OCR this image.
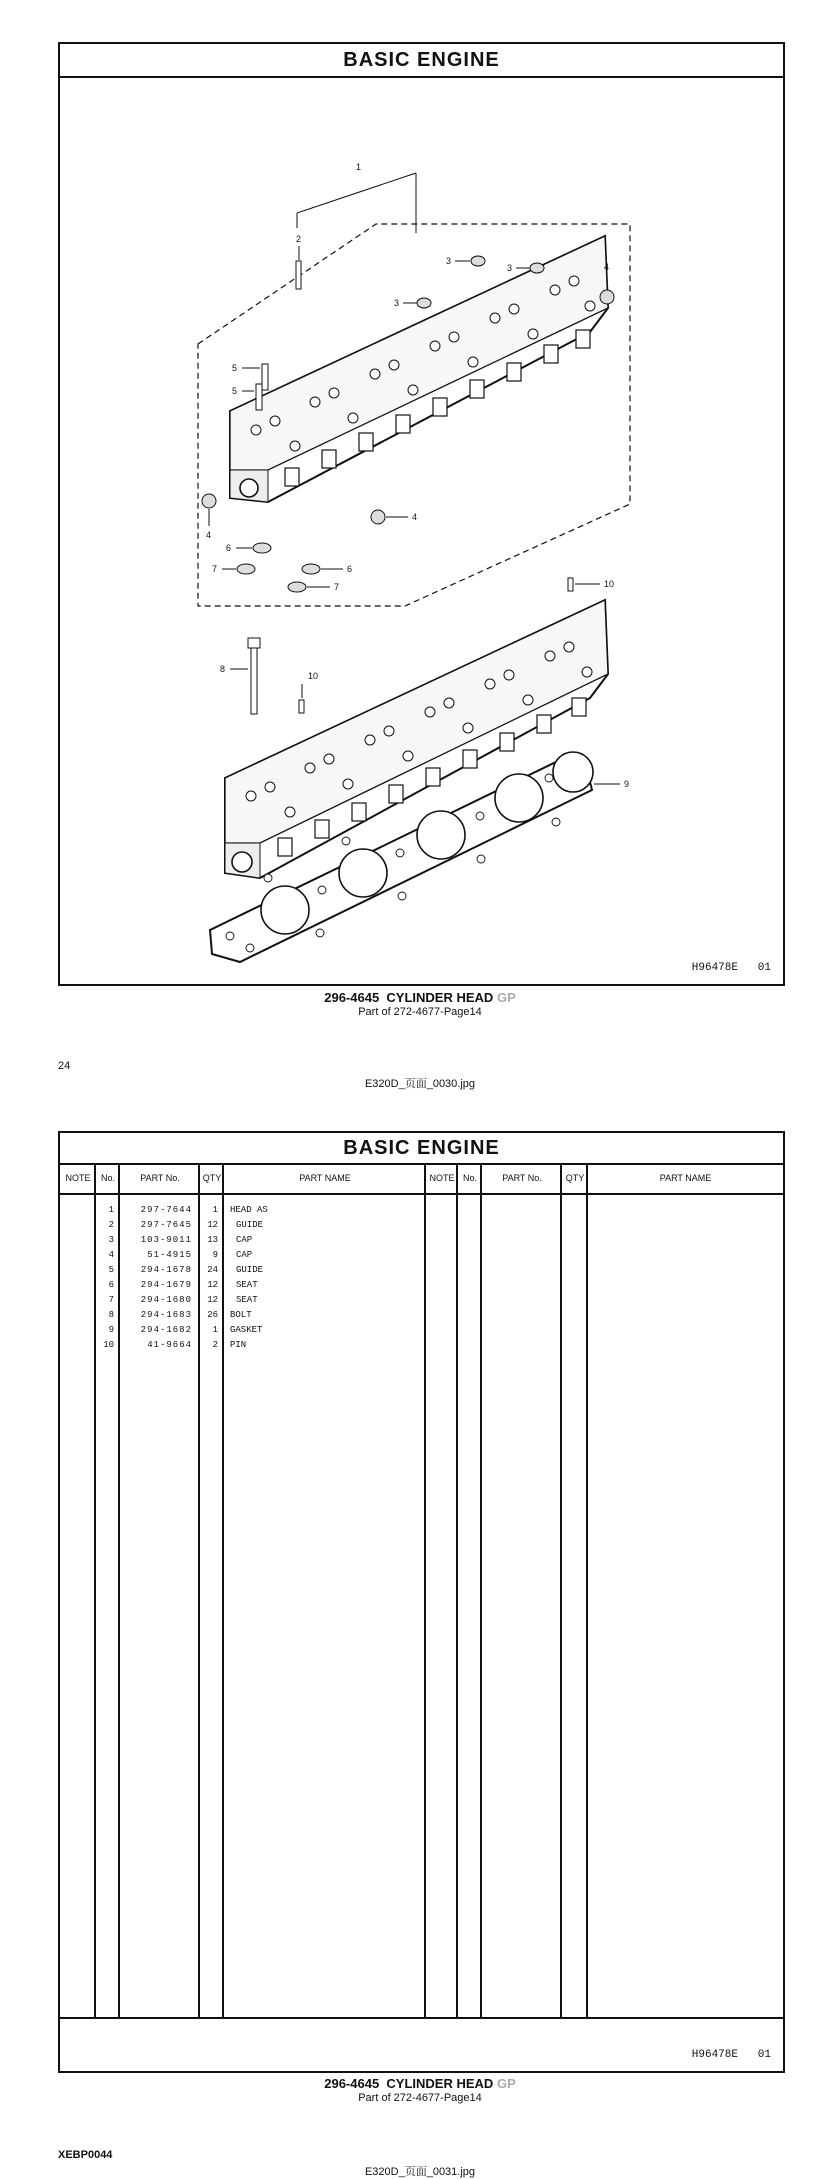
BASIC ENGINE
1
2
3
3
3
4
4
4
5
5
6
6
7
7	10
8
10
9
H96478E   01
296-4645 CYLINDER HEAD GP
Part of 272-4677-Page14
24
E320D_页面_0030.jpg
BASIC ENGINE
NOTE	No.	PART No.	QTY	PART NAME	NOTE	No.	PART No.	QTY	PART NAME
1	297-7644	1 HEAD AS
2	297-7645	12 GUIDE
3	103-9011	13 CAP
4	51-4915	9 CAP
5	294-1678	24 GUIDE
6	294-1679	12 SEAT
7	294-1680	12 SEAT
8	294-1683	26 BOLT
9	294-1682	1 GASKET
10	41-9664	2 PIN
H96478E   01
296-4645 CYLINDER HEAD GP
Part of 272-4677-Page14
XEBP0044
E320D_页面_0031.jpg
